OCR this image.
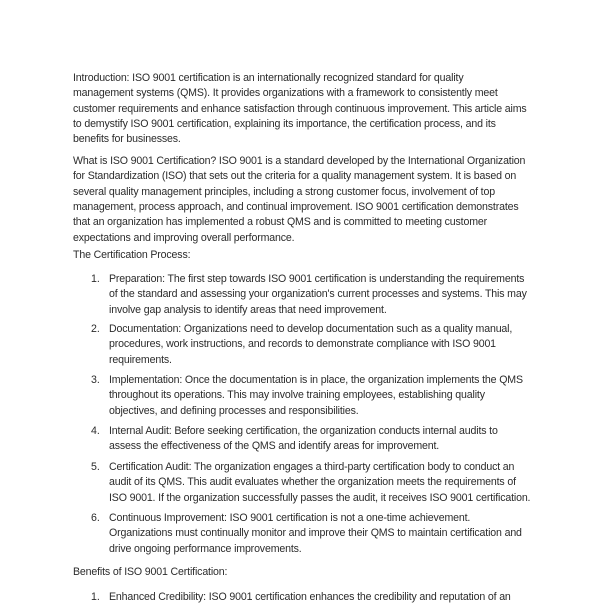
Introduction: ISO 9001 certification is an internationally recognized standard for quality
management systems (QMS). It provides organizations with a framework to consistently meet
customer requirements and enhance satisfaction through continuous improvement. This article aims
to demystify ISO 9001 certification, explaining its importance, the certification process, and its
benefits for businesses.
What is ISO 9001 Certification? ISO 9001 is a standard developed by the International Organization
for Standardization (ISO) that sets out the criteria for a quality management system. It is based on
several quality management principles, including a strong customer focus, involvement of top
management, process approach, and continual improvement. ISO 9001 certification demonstrates
that an organization has implemented a robust QMS and is committed to meeting customer
expectations and improving overall performance.
The Certification Process:
1. Preparation: The first step towards ISO 9001 certification is understanding the requirements
of the standard and assessing your organization's current processes and systems. This may
involve gap analysis to identify areas that need improvement.
2. Documentation: Organizations need to develop documentation such as a quality manual,
procedures, work instructions, and records to demonstrate compliance with ISO 9001
requirements.
3. Implementation: Once the documentation is in place, the organization implements the QMS
throughout its operations. This may involve training employees, establishing quality
objectives, and defining processes and responsibilities.
4. Internal Audit: Before seeking certification, the organization conducts internal audits to
assess the effectiveness of the QMS and identify areas for improvement.
5. Certification Audit: The organization engages a third-party certification body to conduct an
audit of its QMS. This audit evaluates whether the organization meets the requirements of
ISO 9001. If the organization successfully passes the audit, it receives ISO 9001 certification.
6. Continuous Improvement: ISO 9001 certification is not a one-time achievement.
Organizations must continually monitor and improve their QMS to maintain certification and
drive ongoing performance improvements.
Benefits of ISO 9001 Certification:
1. Enhanced Credibility: ISO 9001 certification enhances the credibility and reputation of an
